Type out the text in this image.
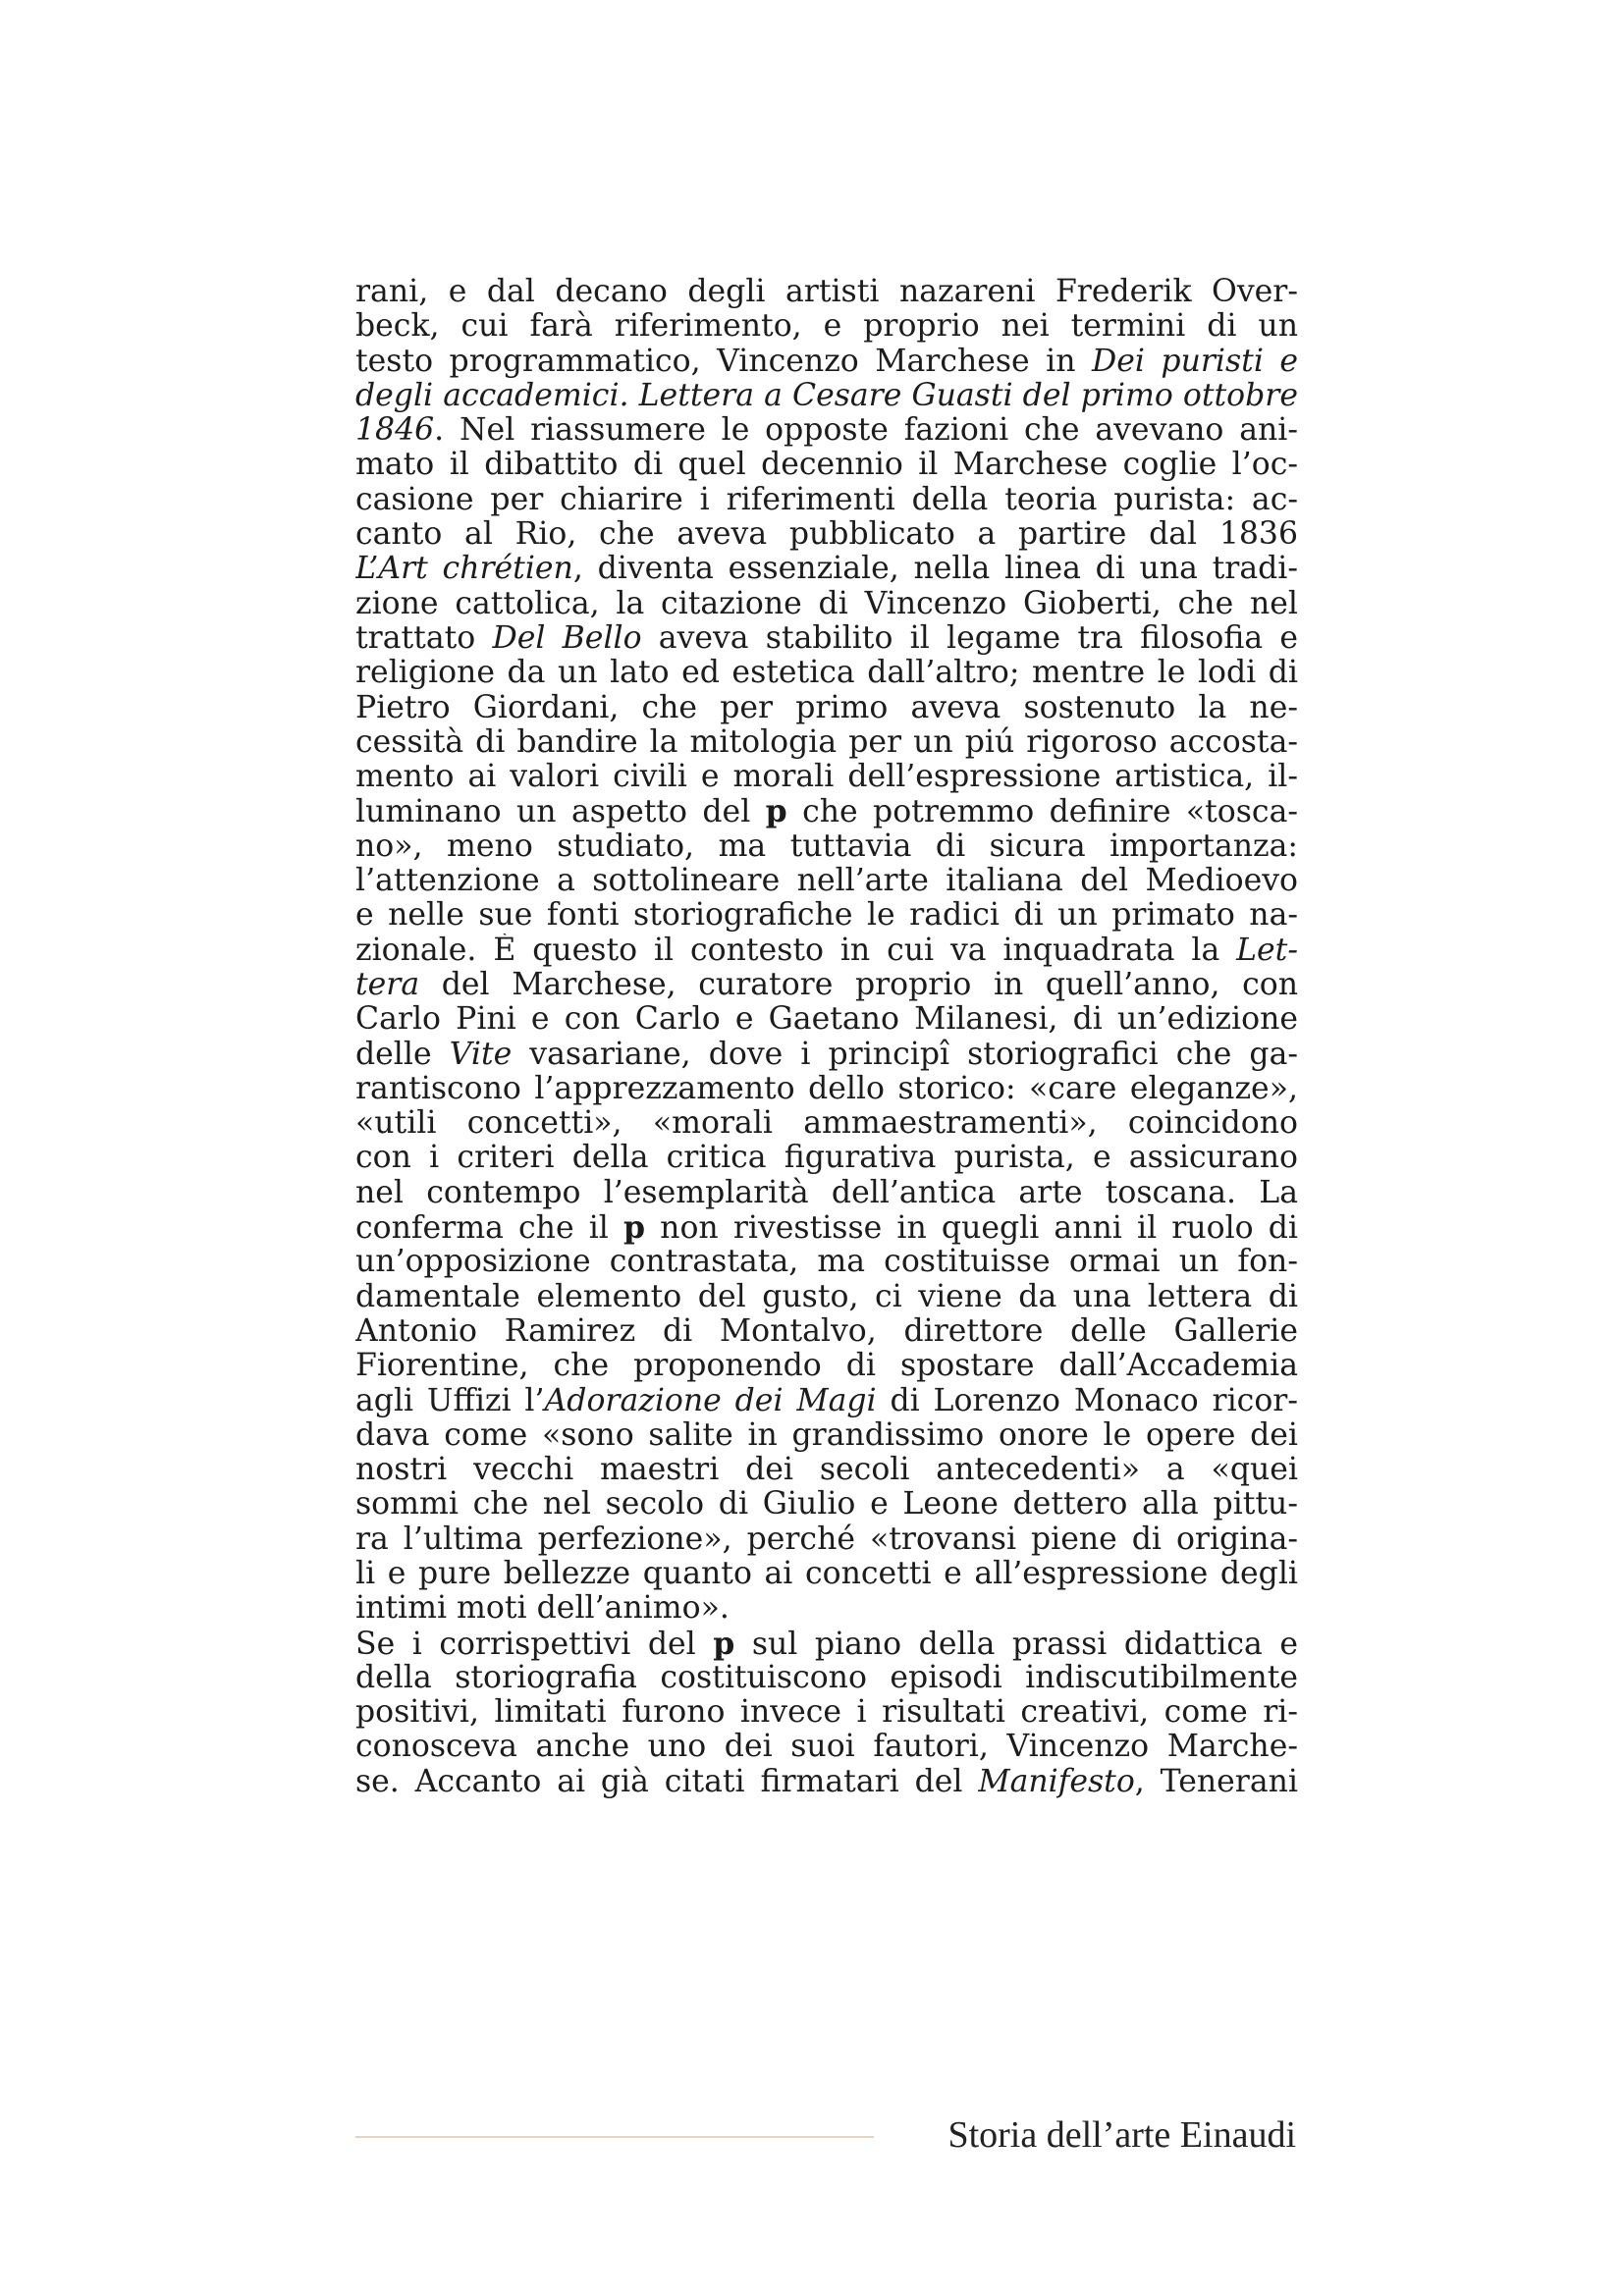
rani, e dal decano degli artisti nazareni Frederik Over-
beck, cui farà riferimento, e proprio nei termini di un
testo programmatico, Vincenzo Marchese in Dei puristi e
degli accademici. Lettera a Cesare Guasti del primo ottobre
1846. Nel riassumere le opposte fazioni che avevano ani-
mato il dibattito di quel decennio il Marchese coglie l’oc-
casione per chiarire i riferimenti della teoria purista: ac-
canto al Rio, che aveva pubblicato a partire dal 1836
L’Art chrétien, diventa essenziale, nella linea di una tradi-
zione cattolica, la citazione di Vincenzo Gioberti, che nel
trattato Del Bello aveva stabilito il legame tra filosofia e
religione da un lato ed estetica dall’altro; mentre le lodi di
Pietro Giordani, che per primo aveva sostenuto la ne-
cessità di bandire la mitologia per un piú rigoroso accosta-
mento ai valori civili e morali dell’espressione artistica, il-
luminano un aspetto del p che potremmo definire «tosca-
no», meno studiato, ma tuttavia di sicura importanza:
l’attenzione a sottolineare nell’arte italiana del Medioevo
e nelle sue fonti storiografiche le radici di un primato na-
zionale. È questo il contesto in cui va inquadrata la Let-
tera del Marchese, curatore proprio in quell’anno, con
Carlo Pini e con Carlo e Gaetano Milanesi, di un’edizione
delle Vite vasariane, dove i principî storiografici che ga-
rantiscono l’apprezzamento dello storico: «care eleganze»,
«utili concetti», «morali ammaestramenti», coincidono
con i criteri della critica figurativa purista, e assicurano
nel contempo l’esemplarità dell’antica arte toscana. La
conferma che il p non rivestisse in quegli anni il ruolo di
un’opposizione contrastata, ma costituisse ormai un fon-
damentale elemento del gusto, ci viene da una lettera di
Antonio Ramirez di Montalvo, direttore delle Gallerie
Fiorentine, che proponendo di spostare dall’Accademia
agli Uffizi l’Adorazione dei Magi di Lorenzo Monaco ricor-
dava come «sono salite in grandissimo onore le opere dei
nostri vecchi maestri dei secoli antecedenti» a «quei
sommi che nel secolo di Giulio e Leone dettero alla pittu-
ra l’ultima perfezione», perché «trovansi piene di origina-
li e pure bellezze quanto ai concetti e all’espressione degli
intimi moti dell’animo».
Se i corrispettivi del p sul piano della prassi didattica e
della storiografia costituiscono episodi indiscutibilmente
positivi, limitati furono invece i risultati creativi, come ri-
conosceva anche uno dei suoi fautori, Vincenzo Marche-
se. Accanto ai già citati firmatari del Manifesto, Tenerani
Storia dell’arte Einaudi
